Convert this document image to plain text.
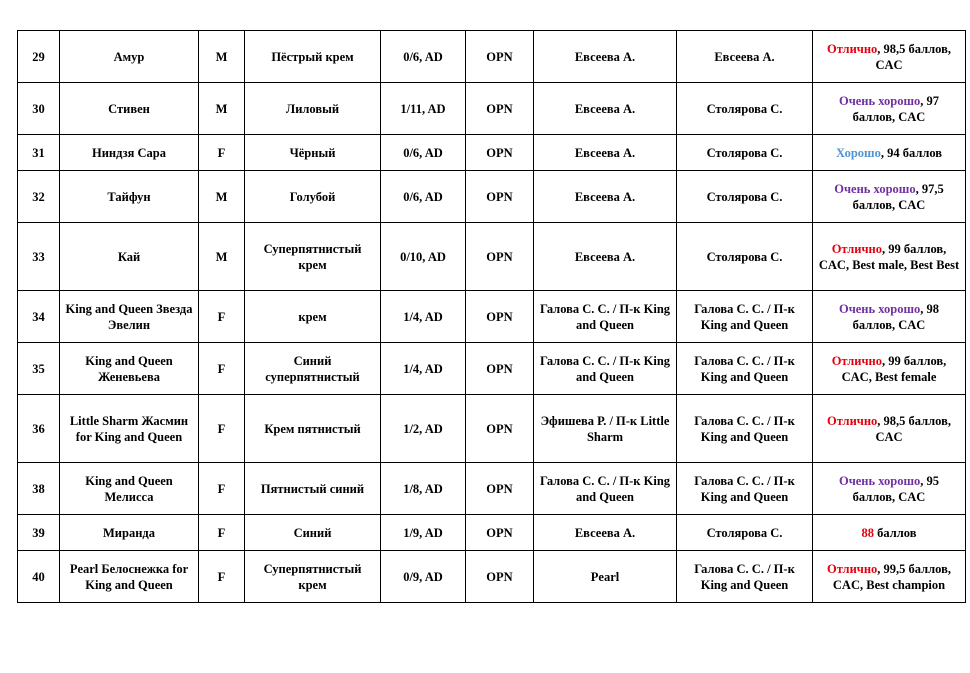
29	Амур	M	Пёстрый крем	0/6, AD	OPN	Евсеева А.	Евсеева А.	Отлично, 98,5 баллов, CAC
30	Стивен	M	Лиловый	1/11, AD	OPN	Евсеева А.	Столярова С.	Очень хорошо, 97 баллов, CAC
31	Ниндзя Сара	F	Чёрный	0/6, AD	OPN	Евсеева А.	Столярова С.	Хорошо, 94 баллов
32	Тайфун	M	Голубой	0/6, AD	OPN	Евсеева А.	Столярова С.	Очень хорошо, 97,5 баллов, CAC
33	Кай	M	Суперпятнистый крем	0/10, AD	OPN	Евсеева А.	Столярова С.	Отлично, 99 баллов, CAC, Best male, Best Best
34	King and Queen Звезда Эвелин	F	крем	1/4, AD	OPN	Галова С. С. / П-к King and Queen	Галова С. С. / П-к King and Queen	Очень хорошо, 98 баллов, CAC
35	King and Queen Женевьева	F	Синий суперпятнистый	1/4, AD	OPN	Галова С. С. / П-к King and Queen	Галова С. С. / П-к King and Queen	Отлично, 99 баллов, CAC, Best female
36	Little Sharm Жасмин for King and Queen	F	Крем пятнистый	1/2, AD	OPN	Эфишева Р. / П-к Little Sharm	Галова С. С. / П-к King and Queen	Отлично, 98,5 баллов, CAC
38	King and Queen Мелисса	F	Пятнистый синий	1/8, AD	OPN	Галова С. С. / П-к King and Queen	Галова С. С. / П-к King and Queen	Очень хорошо, 95 баллов, CAC
39	Миранда	F	Синий	1/9, AD	OPN	Евсеева А.	Столярова С.	88 баллов
40	Pearl Белоснежка for King and Queen	F	Суперпятнистый крем	0/9, AD	OPN	Pearl	Галова С. С. / П-к King and Queen	Отлично, 99,5 баллов, CAC, Best champion
